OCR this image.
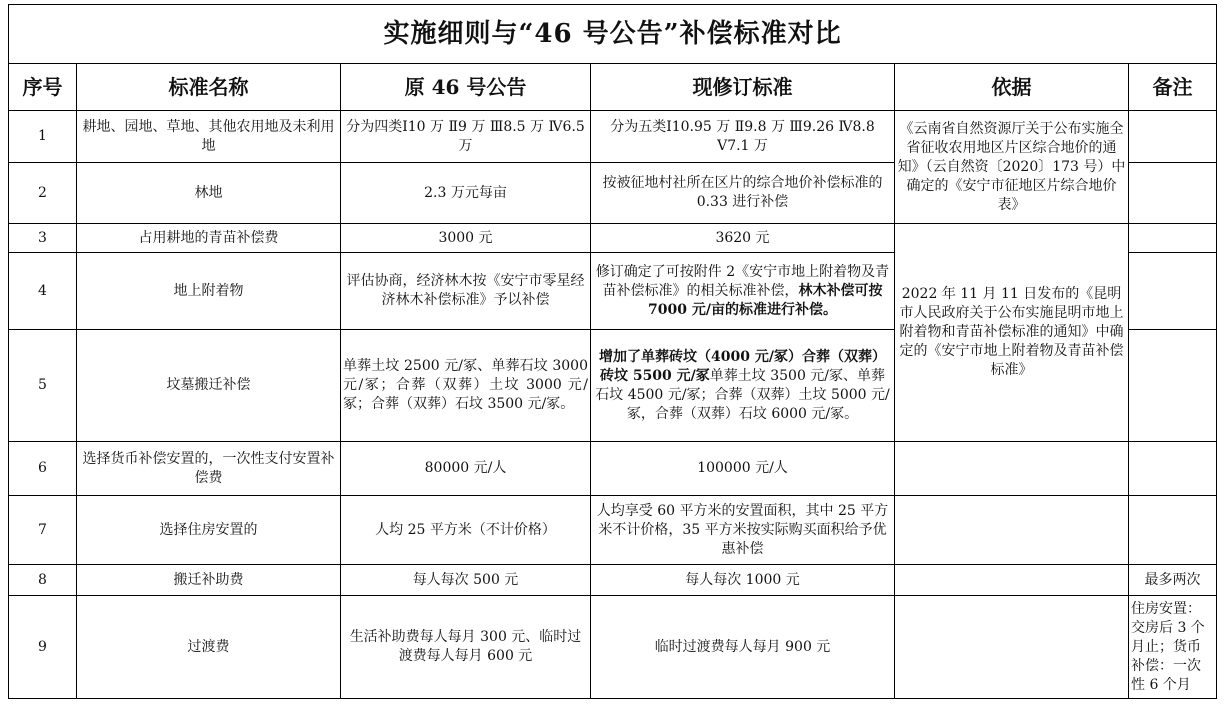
实施细则与“46 号公告”补偿标准对比					
序号	标准名称	原 46 号公告	现修订标准	依据	备注
1	耕地、园地、草地、其他农用地及未利用地	分为四类Ⅰ10 万 Ⅱ9 万 Ⅲ8.5 万 Ⅳ6.5 万	分为五类Ⅰ10.95 万 Ⅱ9.8 万 Ⅲ9.26 Ⅳ8.8 Ⅴ7.1 万	《云南省自然资源厅关于公布实施全省征收农用地区片区综合地价的通知》（云自然资〔2020〕173 号）中确定的《安宁市征地区片综合地价表》	
2	林地	2.3 万元每亩	按被征地村社所在区片的综合地价补偿标准的 0.33 进行补偿		
3	占用耕地的青苗补偿费	3000 元	3620 元	2022 年 11 月 11 日发布的《昆明市人民政府关于公布实施昆明市地上附着物和青苗补偿标准的通知》中确定的《安宁市地上附着物及青苗补偿标准》	
4	地上附着物	评估协商，经济林木按《安宁市零星经济林木补偿标准》予以补偿	修订确定了可按附件 2《安宁市地上附着物及青苗补偿标准》的相关标准补偿，林木补偿可按 7000 元/亩的标准进行补偿。		
5	坟墓搬迁补偿	单葬土坟 2500 元/冢、单葬石坟 3000 元/冢；合葬（双葬）土坟 3000 元/冢；合葬（双葬）石坟 3500 元/冢。	增加了单葬砖坟（4000 元/冢）合葬（双葬）砖坟 5500 元/冢单葬土坟 3500 元/冢、单葬石坟 4500 元/冢；合葬（双葬）土坟 5000 元/冢，合葬（双葬）石坟 6000 元/冢。		
6	选择货币补偿安置的，一次性支付安置补偿费	80000 元/人	100000 元/人		
7	选择住房安置的	人均 25 平方米（不计价格）	人均享受 60 平方米的安置面积，其中 25 平方米不计价格，35 平方米按实际购买面积给予优惠补偿		
8	搬迁补助费	每人每次 500 元	每人每次 1000 元		最多两次
9	过渡费	生活补助费每人每月 300 元、临时过渡费每人每月 600 元	临时过渡费每人每月 900 元		住房安置：交房后 3 个月止；货币补偿：一次性 6 个月
